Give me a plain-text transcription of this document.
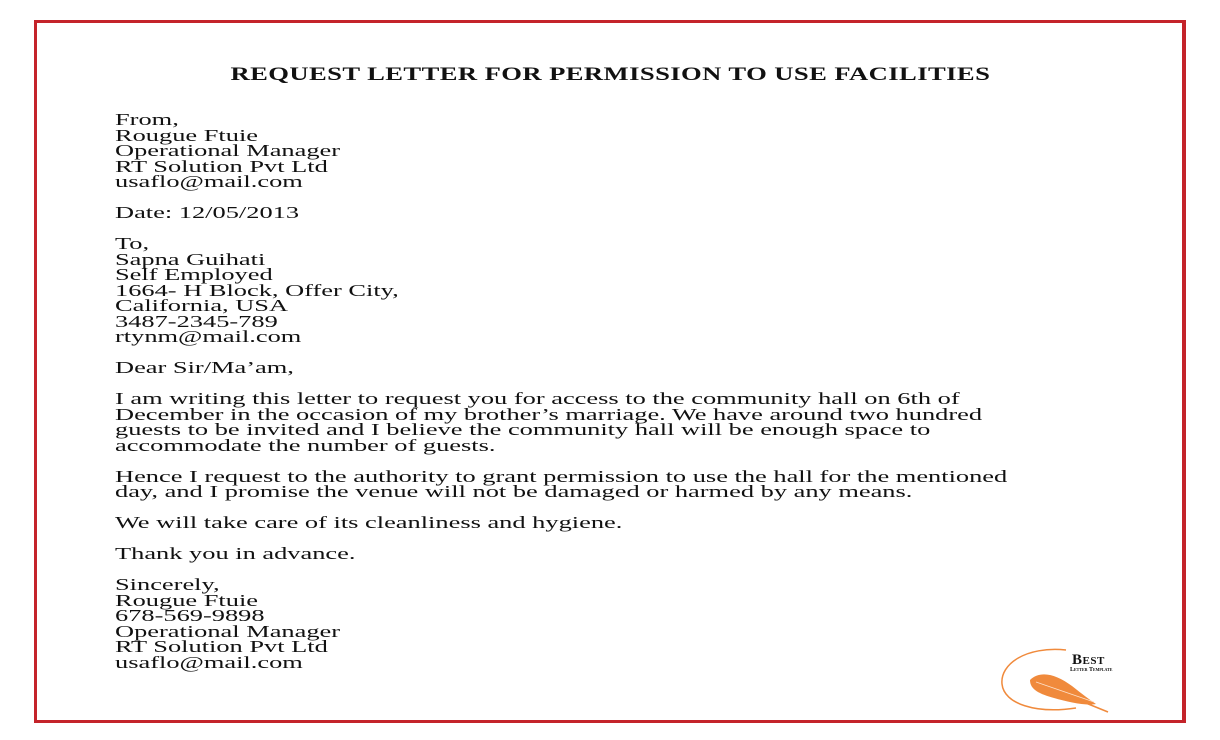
REQUEST LETTER FOR PERMISSION TO USE FACILITIES
From,
Rougue Ftuie
Operational Manager
RT Solution Pvt Ltd
usaflo@mail.com
Date: 12/05/2013
To,
Sapna Guihati
Self Employed
1664- H Block, Offer City,
California, USA
3487-2345-789
rtynm@mail.com
Dear Sir/Ma’am,
I am writing this letter to request you for access to the community hall on 6th of
December in the occasion of my brother’s marriage. We have around two hundred
guests to be invited and I believe the community hall will be enough space to
accommodate the number of guests.
Hence I request to the authority to grant permission to use the hall for the mentioned
day, and I promise the venue will not be damaged or harmed by any means.
We will take care of its cleanliness and hygiene.
Thank you in advance.
Sincerely,
Rougue Ftuie
678-569-9898
Operational Manager
RT Solution Pvt Ltd
usaflo@mail.com	Best
Letter Template
